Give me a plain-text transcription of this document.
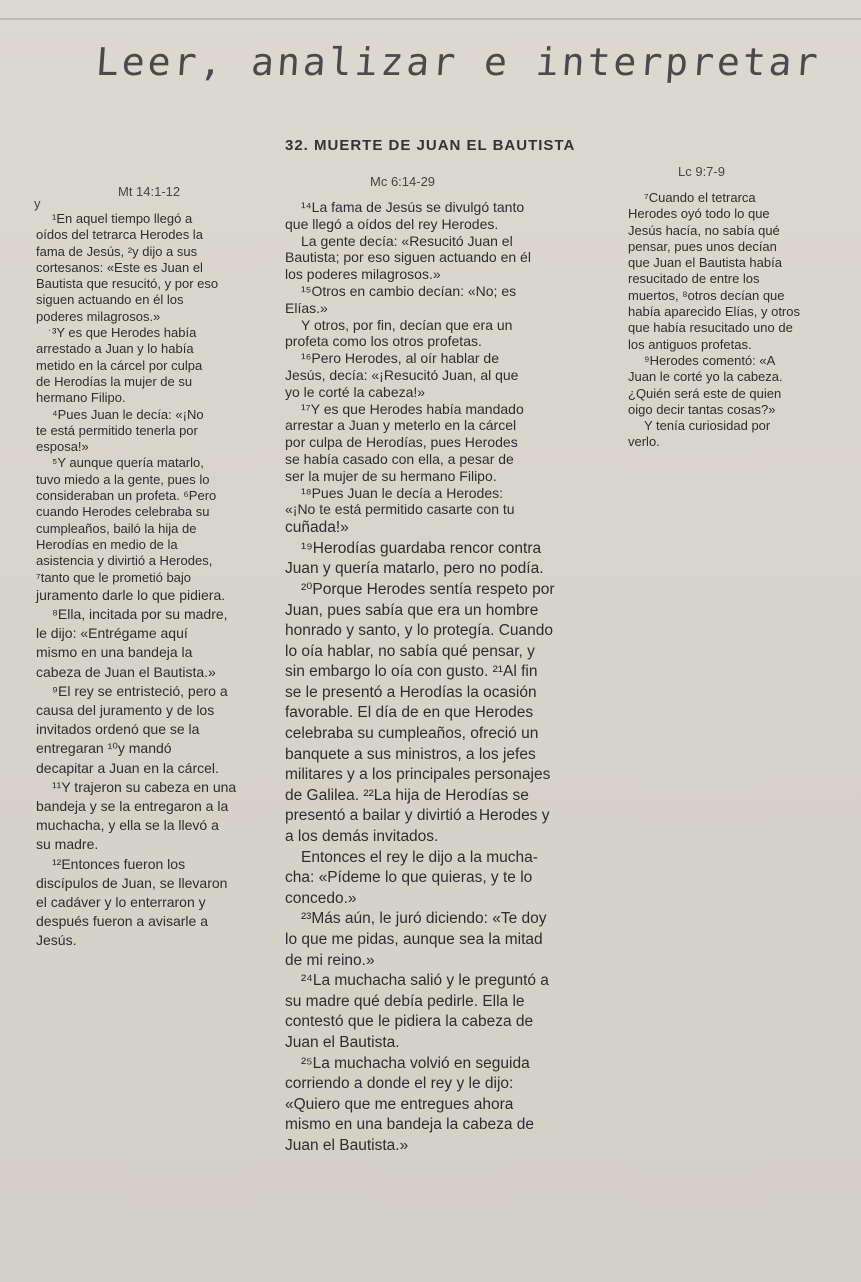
Leer, analizar e interpretar
32. MUERTE DE JUAN EL BAUTISTA
Mt 14:1-12
Mc 6:14-29
Lc 9:7-9
y
.
¹En aquel tiempo llegó a
oídos del tetrarca Herodes la
fama de Jesús, ²y dijo a sus
cortesanos: «Este es Juan el
Bautista que resucitó, y por eso
siguen actuando en él los
poderes milagrosos.»
³Y es que Herodes había
arrestado a Juan y lo había
metido en la cárcel por culpa
de Herodías la mujer de su
hermano Filipo.
⁴Pues Juan le decía: «¡No
te está permitido tenerla por
esposa!»
⁵Y aunque quería matarlo,
tuvo miedo a la gente, pues lo
consideraban un profeta. ⁶Pero
cuando Herodes celebraba su
cumpleaños, bailó la hija de
Herodías en medio de la
asistencia y divirtió a Herodes,
⁷tanto que le prometió bajo
juramento darle lo que pidiera.
⁸Ella, incitada por su madre,
le dijo: «Entrégame aquí
mismo en una bandeja la
cabeza de Juan el Bautista.»
⁹El rey se entristeció, pero a
causa del juramento y de los
invitados ordenó que se la
entregaran ¹⁰y mandó
decapitar a Juan en la cárcel.
¹¹Y trajeron su cabeza en una
bandeja y se la entregaron a la
muchacha, y ella se la llevó a
su madre.
¹²Entonces fueron los
discípulos de Juan, se llevaron
el cadáver y lo enterraron y
después fueron a avisarle a
Jesús.
¹⁴La fama de Jesús se divulgó tanto
que llegó a oídos del rey Herodes.
La gente decía: «Resucitó Juan el
Bautista; por eso siguen actuando en él
los poderes milagrosos.»
¹⁵Otros en cambio decían: «No; es
Elías.»
Y otros, por fin, decían que era un
profeta como los otros profetas.
¹⁶Pero Herodes, al oír hablar de
Jesús, decía: «¡Resucitó Juan, al que
yo le corté la cabeza!»
¹⁷Y es que Herodes había mandado
arrestar a Juan y meterlo en la cárcel
por culpa de Herodías, pues Herodes
se había casado con ella, a pesar de
ser la mujer de su hermano Filipo.
¹⁸Pues Juan le decía a Herodes:
«¡No te está permitido casarte con tu
cuñada!»
¹⁹Herodías guardaba rencor contra
Juan y quería matarlo, pero no podía.
²⁰Porque Herodes sentía respeto por
Juan, pues sabía que era un hombre
honrado y santo, y lo protegía. Cuando
lo oía hablar, no sabía qué pensar, y
sin embargo lo oía con gusto. ²¹Al fin
se le presentó a Herodías la ocasión
favorable. El día de en que Herodes
celebraba su cumpleaños, ofreció un
banquete a sus ministros, a los jefes
militares y a los principales personajes
de Galilea. ²²La hija de Herodías se
presentó a bailar y divirtió a Herodes y
a los demás invitados.
Entonces el rey le dijo a la mucha-
cha: «Pídeme lo que quieras, y te lo
concedo.»
²³Más aún, le juró diciendo: «Te doy
lo que me pidas, aunque sea la mitad
de mi reino.»
²⁴La muchacha salió y le preguntó a
su madre qué debía pedirle. Ella le
contestó que le pidiera la cabeza de
Juan el Bautista.
²⁵La muchacha volvió en seguida
corriendo a donde el rey y le dijo:
«Quiero que me entregues ahora
mismo en una bandeja la cabeza de
Juan el Bautista.»
⁷Cuando el tetrarca
Herodes oyó todo lo que
Jesús hacía, no sabía qué
pensar, pues unos decían
que Juan el Bautista había
resucitado de entre los
muertos, ⁸otros decían que
había aparecido Elías, y otros
que había resucitado uno de
los antiguos profetas.
⁹Herodes comentó: «A
Juan le corté yo la cabeza.
¿Quién será este de quien
oigo decir tantas cosas?»
Y tenía curiosidad por
verlo.
